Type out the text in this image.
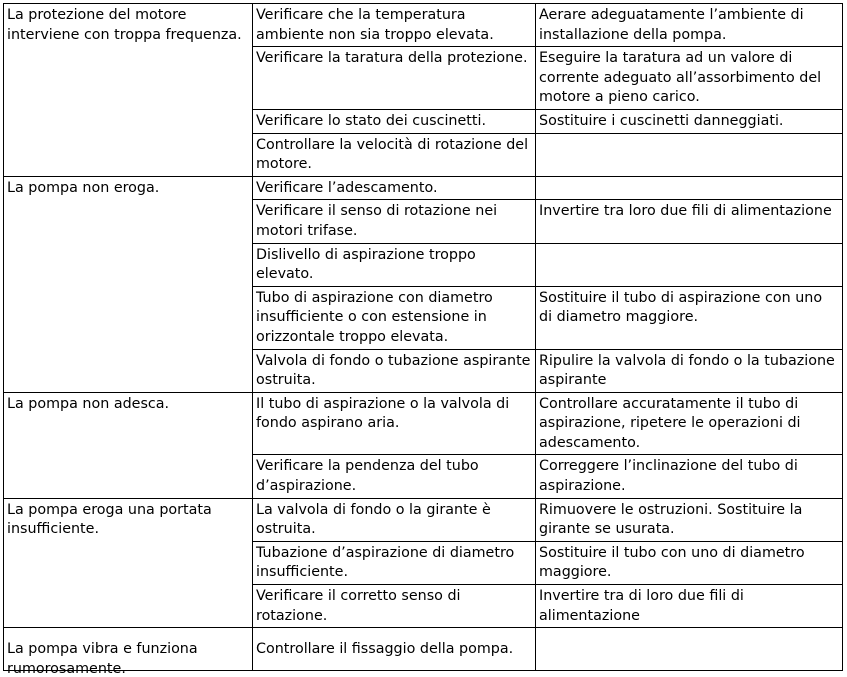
La protezione del motore interviene con troppa frequenza.	Verificare che la temperatura ambiente non sia troppo elevata.	Aerare adeguatamente l’ambiente di installazione della pompa.
	Verificare la taratura della protezione.	Eseguire la taratura ad un valore di corrente adeguato all’assorbimento del motore a pieno carico.
	Verificare lo stato dei cuscinetti.	Sostituire i cuscinetti danneggiati.
	Controllare la velocità di rotazione del motore.	
La pompa non eroga.	Verificare l’adescamento.	
	Verificare il senso di rotazione nei motori trifase.	Invertire tra loro due fili di alimentazione
	Dislivello di aspirazione troppo elevato.	
	Tubo di aspirazione con diametro insufficiente o con estensione in orizzontale troppo elevata.	Sostituire il tubo di aspirazione con uno di diametro maggiore.
	Valvola di fondo o tubazione aspirante ostruita.	Ripulire la valvola di fondo o la tubazione aspirante
La pompa non adesca.	Il tubo di aspirazione o la valvola di fondo aspirano aria.	Controllare accuratamente il tubo di aspirazione, ripetere le operazioni di adescamento.
	Verificare la pendenza del tubo d’aspirazione.	Correggere l’inclinazione del tubo di aspirazione.
La pompa eroga una portata insufficiente.	La valvola di fondo o la girante è ostruita.	Rimuovere le ostruzioni. Sostituire la girante se usurata.
	Tubazione d’aspirazione di diametro insufficiente.	Sostituire il tubo con uno di diametro maggiore.
	Verificare il corretto senso di rotazione.	Invertire tra di loro due fili di alimentazione
La pompa vibra e funziona rumorosamente.	Controllare il fissaggio della pompa.	
